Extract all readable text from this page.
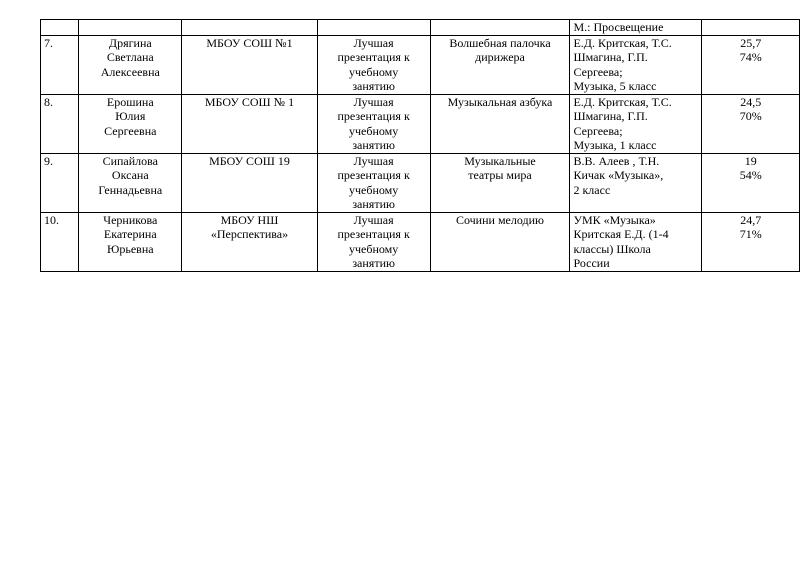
					М.: Просвещение	

7.	Дрягина
Светлана
Алексеевна	МБОУ СОШ №1	Лучшая
презентация к
учебному
занятию	Волшебная палочка
дирижера	Е.Д. Критская, Т.С.
Шмагина, Г.П.
Сергеева;
Музыка, 5 класс	25,7
74%

8.	Ерошина
Юлия
Сергеевна	МБОУ СОШ № 1	Лучшая
презентация к
учебному
занятию	Музыкальная азбука	Е.Д. Критская, Т.С.
Шмагина, Г.П.
Сергеева;
Музыка, 1 класс	24,5
70%

9.	Сипайлова
Оксана
Геннадьевна	МБОУ СОШ 19	Лучшая
презентация к
учебному
занятию	Музыкальные
театры мира	В.В. Алеев , Т.Н.
Кичак «Музыка»,
2 класс	19
54%

10.	Черникова
Екатерина
Юрьевна	МБОУ НШ
«Перспектива»	Лучшая
презентация к
учебному
занятию	Сочини мелодию	УМК «Музыка»
Критская Е.Д. (1-4
классы) Школа
России	24,7
71%
